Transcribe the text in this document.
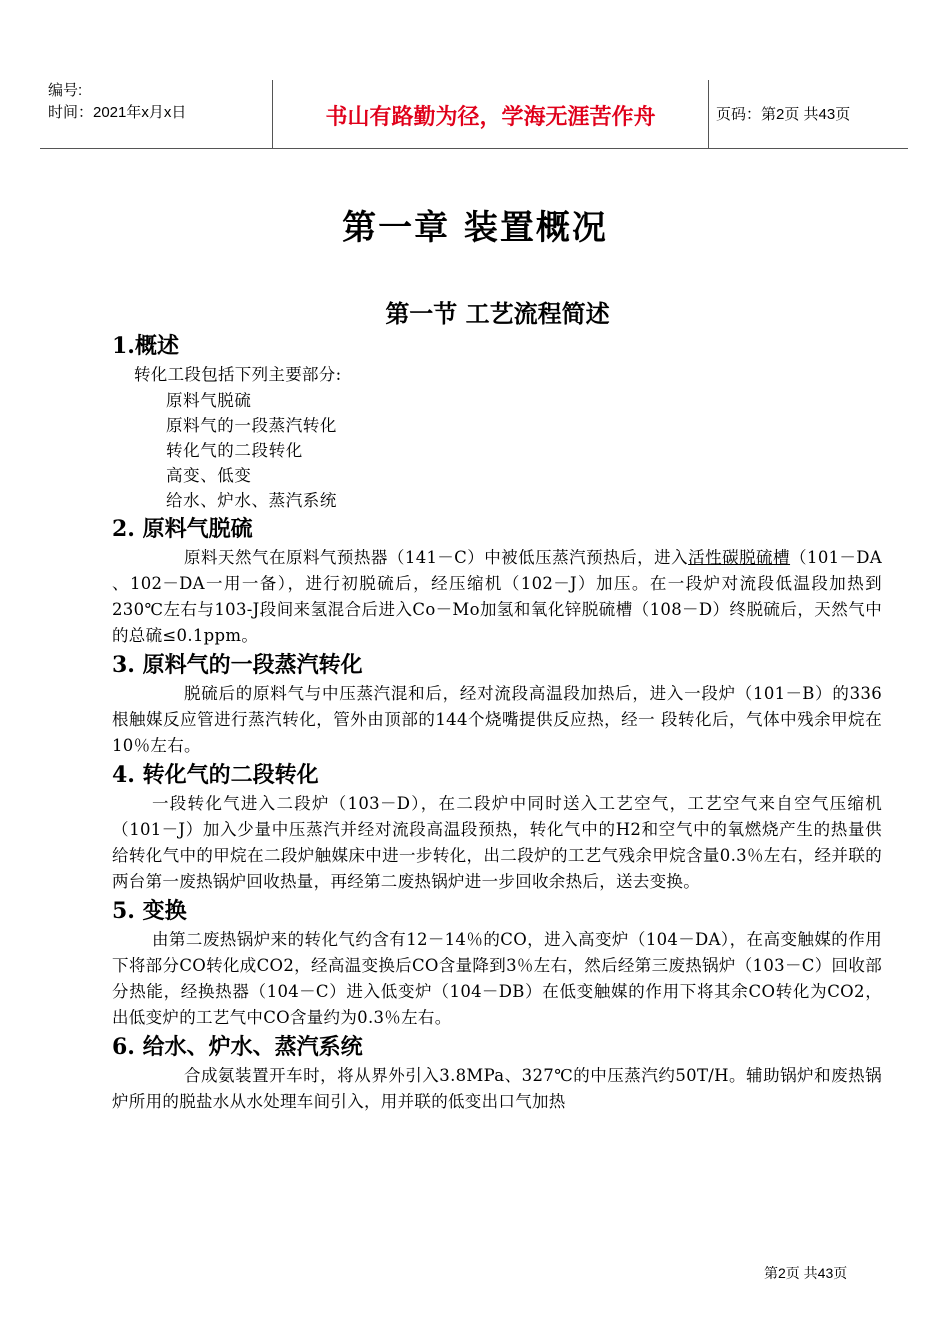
编号:
时间：2021年x月x日	书山有路勤为径，学海无涯苦作舟	页码：第2页 共43页
第一章 装置概况
第一节 工艺流程简述
1.概述
转化工段包括下列主要部分:
原料气脱硫
原料气的一段蒸汽转化
转化气的二段转化
高变、低变
给水、炉水、蒸汽系统
2. 原料气脱硫
原料天然气在原料气预热器（141－C）中被低压蒸汽预热后，进入活性碳脱硫槽（101－DA 、102－DA一用一备），进行初脱硫后，经压缩机（102－J）加压。在一段炉对流段低温段加热到230℃左右与103-J段间来氢混合后进入Co－Mo加氢和氧化锌脱硫槽（108－D）终脱硫后，天然气中的总硫≤0.1ppm。
3. 原料气的一段蒸汽转化
脱硫后的原料气与中压蒸汽混和后，经对流段高温段加热后，进入一段炉（101－B）的336根触媒反应管进行蒸汽转化，管外由顶部的144个烧嘴提供反应热，经一 段转化后，气体中残余甲烷在10％左右。
4. 转化气的二段转化
一段转化气进入二段炉（103－D），在二段炉中同时送入工艺空气，工艺空气来自空气压缩机（101－J）加入少量中压蒸汽并经对流段高温段预热，转化气中的H2和空气中的氧燃烧产生的热量供给转化气中的甲烷在二段炉触媒床中进一步转化，出二段炉的工艺气残余甲烷含量0.3％左右，经并联的两台第一废热锅炉回收热量，再经第二废热锅炉进一步回收余热后，送去变换。
5. 变换
由第二废热锅炉来的转化气约含有12－14％的CO，进入高变炉（104－DA），在高变触媒的作用下将部分CO转化成CO2，经高温变换后CO含量降到3％左右，然后经第三废热锅炉（103－C）回收部分热能，经换热器（104－C）进入低变炉（104－DB）在低变触媒的作用下将其余CO转化为CO2，出低变炉的工艺气中CO含量约为0.3％左右。
6. 给水、炉水、蒸汽系统
合成氨装置开车时，将从界外引入3.8MPa、327℃的中压蒸汽约50T/H。辅助锅炉和废热锅炉所用的脱盐水从水处理车间引入，用并联的低变出口气加热
第2页 共43页
